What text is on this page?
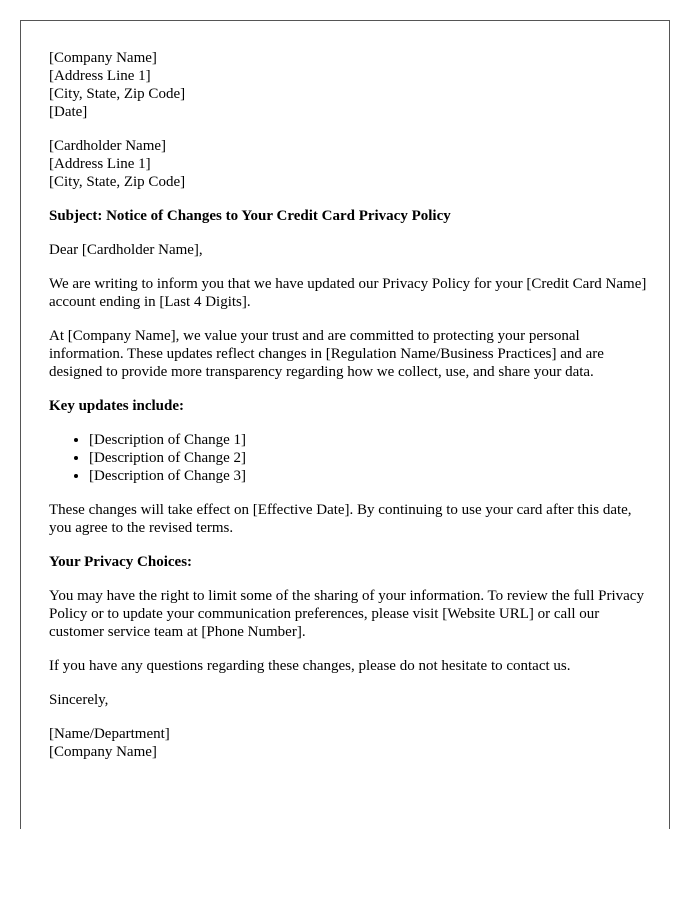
[Company Name]
[Address Line 1]
[City, State, Zip Code]
[Date]
[Cardholder Name]
[Address Line 1]
[City, State, Zip Code]

Subject: Notice of Changes to Your Credit Card Privacy Policy

Dear [Cardholder Name],

We are writing to inform you that we have updated our Privacy Policy for your [Credit Card Name] account ending in [Last 4 Digits].

At [Company Name], we value your trust and are committed to protecting your personal information. These updates reflect changes in [Regulation Name/Business Practices] and are designed to provide more transparency regarding how we collect, use, and share your data.

Key updates include:

• [Description of Change 1]
• [Description of Change 2]
• [Description of Change 3]

These changes will take effect on [Effective Date]. By continuing to use your card after this date, you agree to the revised terms.

Your Privacy Choices:

You may have the right to limit some of the sharing of your information. To review the full Privacy Policy or to update your communication preferences, please visit [Website URL] or call our customer service team at [Phone Number].

If you have any questions regarding these changes, please do not hesitate to contact us.

Sincerely,

[Name/Department]
[Company Name]
